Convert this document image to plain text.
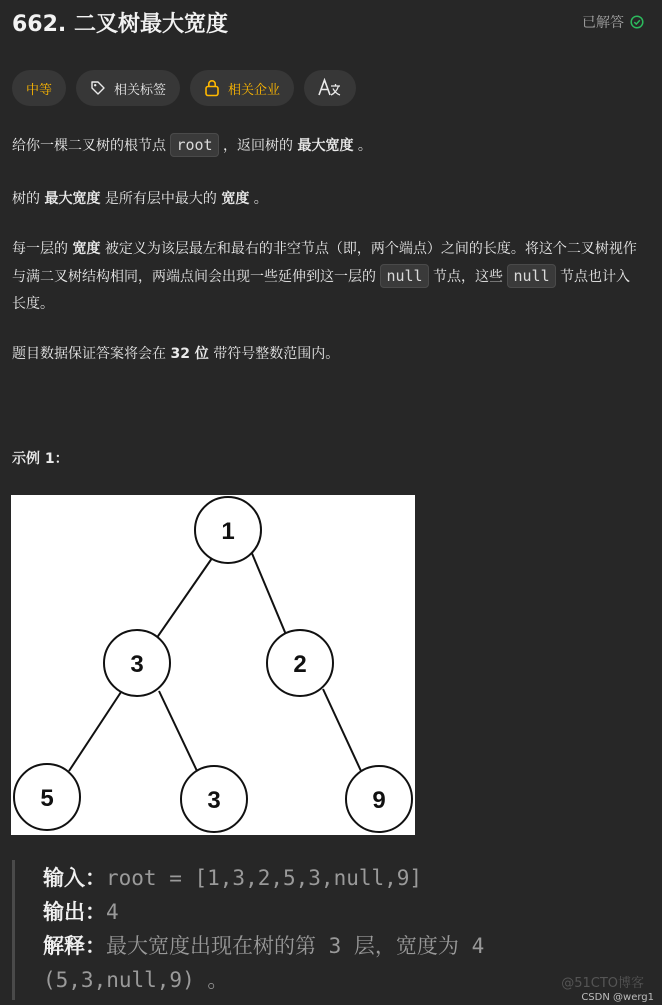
662. 二叉树最大宽度	已解答
中等	相关标签	相关企业
给你一棵二叉树的根节点 root ，返回树的 最大宽度 。
树的 最大宽度 是所有层中最大的 宽度 。
每一层的 宽度 被定义为该层最左和最右的非空节点（即，两个端点）之间的长度。将这个二叉树视作与满二叉树结构相同，两端点间会出现一些延伸到这一层的 null 节点，这些 null 节点也计入长度。
题目数据保证答案将会在 32 位 带符号整数范围内。
示例 1：
1
3	2
5	3	9
输入：root = [1,3,2,5,3,null,9]
输出：4
解释：最大宽度出现在树的第 3 层，宽度为 4
(5,3,null,9) 。	@51CTO博客
CSDN @werg1
